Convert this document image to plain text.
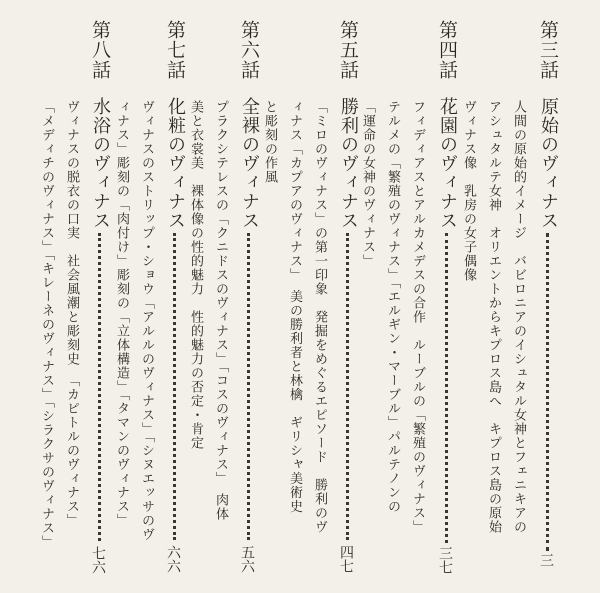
第三話
原始のヴィナス
三
人間の原始的イメージ　バビロニアのイシュタル女神とフェニキアの
アシュタルテ女神　オリエントからキプロス島へ　キプロス島の原始
ヴィナス像　乳房の女子偶像
第四話
花園のヴィナス
三七
フィディアスとアルカメデスの合作　ルーブルの「繁殖のヴィナス」
テルメの「繁殖のヴィナス」「エルギン・マーブル」パルテノンの
「運命の女神のヴィナス」
第五話
勝利のヴィナス
四七
「ミロのヴィナス」の第一印象　発掘をめぐるエピソード　勝利のヴ
ィナス「カプアのヴィナス」　美の勝利者と林檎　ギリシャ美術史
と彫刻の作風
第六話
全裸のヴィナス
五六
プラクシテレスの「クニドスのヴィナス」「コスのヴィナス」　肉体
美と衣裳美　裸体像の性的魅力　性的魅力の否定・肯定
第七話
化粧のヴィナス
六六
ヴィナスのストリップ・ショウ「アルルのヴィナス」「シヌエッサのヴ
ィナス」彫刻の「肉付け」彫刻の「立体構造」「タマンのヴィナス」
第八話
水浴のヴィナス
七六
ヴィナスの脱衣の口実　社会風潮と彫刻史　「カピトルのヴィナス」
「メディチのヴィナス」「キレーネのヴィナス」「シラクサのヴィナス」
